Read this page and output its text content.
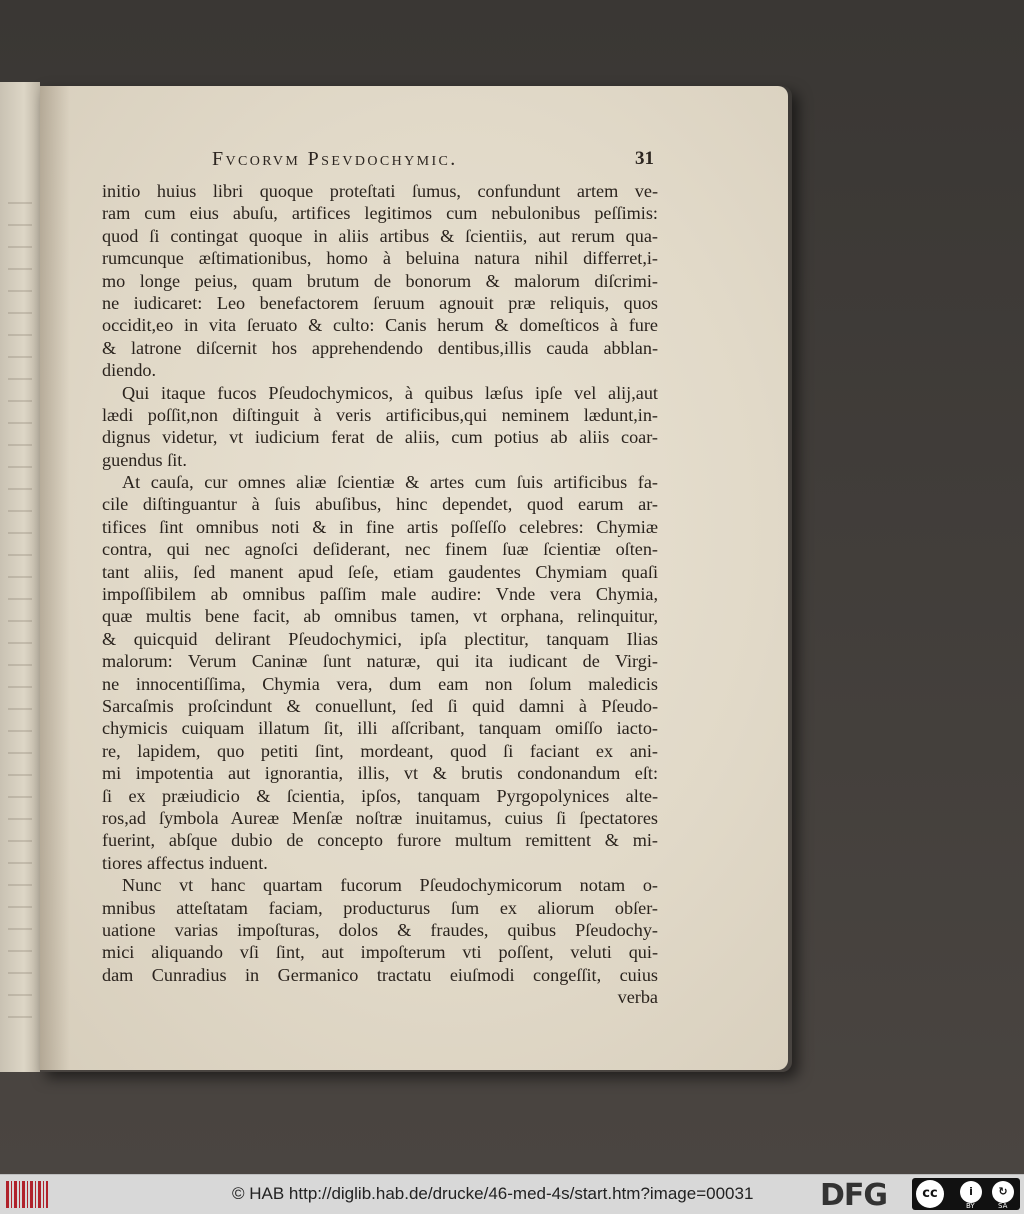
Fvcorvm Psevdochymic.	31
initio huius libri quoque proteſtati ſumus, confundunt artem ve-
ram cum eius abuſu, artifices legitimos cum nebulonibus peſſimis:
quod ſi contingat quoque in aliis artibus & ſcientiis, aut rerum qua-
rumcunque æſtimationibus, homo à beluina natura nihil differret,i-
mo longe peius, quam brutum de bonorum & malorum diſcrimi-
ne iudicaret: Leo benefactorem ſeruum agnouit præ reliquis, quos
occidit,eo in vita ſeruato & culto: Canis herum & domeſticos à fure
& latrone diſcernit hos apprehendendo dentibus,illis cauda abblan-
diendo.
Qui itaque fucos Pſeudochymicos, à quibus læſus ipſe vel alij,aut
lædi poſſit,non diſtinguit à veris artificibus,qui neminem lædunt,in-
dignus videtur, vt iudicium ferat de aliis, cum potius ab aliis coar-
guendus ſit.
At cauſa, cur omnes aliæ ſcientiæ & artes cum ſuis artificibus fa-
cile diſtinguantur à ſuis abuſibus, hinc dependet, quod earum ar-
tifices ſint omnibus noti & in fine artis poſſeſſo celebres: Chymiæ
contra, qui nec agnoſci deſiderant, nec finem ſuæ ſcientiæ oſten-
tant aliis, ſed manent apud ſeſe, etiam gaudentes Chymiam quaſi
impoſſibilem ab omnibus paſſim male audire: Vnde vera Chymia,
quæ multis bene facit, ab omnibus tamen, vt orphana, relinquitur,
& quicquid delirant Pſeudochymici, ipſa plectitur, tanquam Ilias
malorum: Verum Caninæ ſunt naturæ, qui ita iudicant de Virgi-
ne innocentiſſima, Chymia vera, dum eam non ſolum maledicis
Sarcaſmis proſcindunt & conuellunt, ſed ſi quid damni à Pſeudo-
chymicis cuiquam illatum ſit, illi aſſcribant, tanquam omiſſo iacto-
re, lapidem, quo petiti ſint, mordeant, quod ſi faciant ex ani-
mi impotentia aut ignorantia, illis, vt & brutis condonandum eſt:
ſi ex præiudicio & ſcientia, ipſos, tanquam Pyrgopolynices alte-
ros,ad ſymbola Aureæ Menſæ noſtræ inuitamus, cuius ſi ſpectatores
fuerint, abſque dubio de concepto furore multum remittent & mi-
tiores affectus induent.
Nunc vt hanc quartam fucorum Pſeudochymicorum notam o-
mnibus atteſtatam faciam, producturus ſum ex aliorum obſer-
uatione varias impoſturas, dolos & fraudes, quibus Pſeudochy-
mici aliquando vſi ſint, aut impoſterum vti poſſent, veluti qui-
dam Cunradius in Germanico tractatu eiuſmodi congeſſit, cuius
verba
© HAB http://diglib.hab.de/drucke/46-med-4s/start.htm?image=00031 DFG	cc	i	↻
BY	SA
